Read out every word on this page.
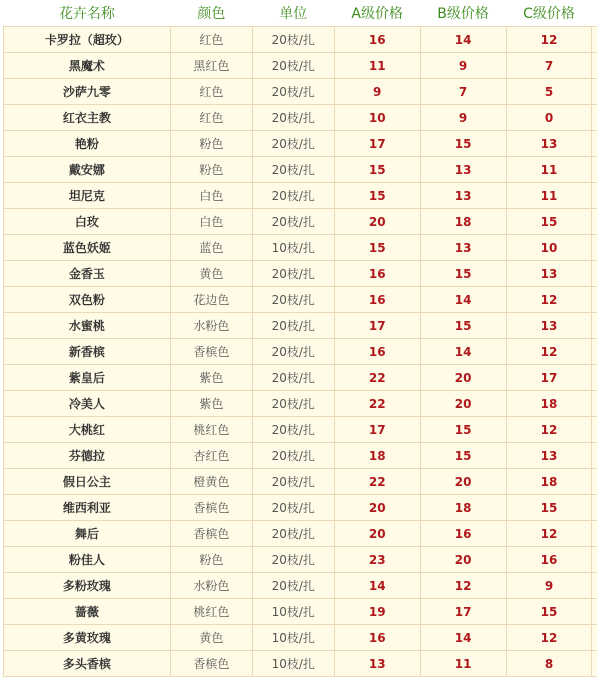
花卉名称	颜色	单位	A级价格	B级价格	C级价格	
卡罗拉（超玫）	红色	20枝/扎	16	14	12	
黑魔术	黑红色	20枝/扎	11	9	7	
沙萨九零	红色	20枝/扎	9	7	5	
红衣主教	红色	20枝/扎	10	9	0	
艳粉	粉色	20枝/扎	17	15	13	
戴安娜	粉色	20枝/扎	15	13	11	
坦尼克	白色	20枝/扎	15	13	11	
白玫	白色	20枝/扎	20	18	15	
蓝色妖姬	蓝色	10枝/扎	15	13	10	
金香玉	黄色	20枝/扎	16	15	13	
双色粉	花边色	20枝/扎	16	14	12	
水蜜桃	水粉色	20枝/扎	17	15	13	
新香槟	香槟色	20枝/扎	16	14	12	
紫皇后	紫色	20枝/扎	22	20	17	
冷美人	紫色	20枝/扎	22	20	18	
大桃红	桃红色	20枝/扎	17	15	12	
芬德拉	杏红色	20枝/扎	18	15	13	
假日公主	橙黄色	20枝/扎	22	20	18	
维西利亚	香槟色	20枝/扎	20	18	15	
舞后	香槟色	20枝/扎	20	16	12	
粉佳人	粉色	20枝/扎	23	20	16	
多粉玫瑰	水粉色	20枝/扎	14	12	9	
蔷薇	桃红色	10枝/扎	19	17	15	
多黄玫瑰	黄色	10枝/扎	16	14	12	
多头香槟	香槟色	10枝/扎	13	11	8	
